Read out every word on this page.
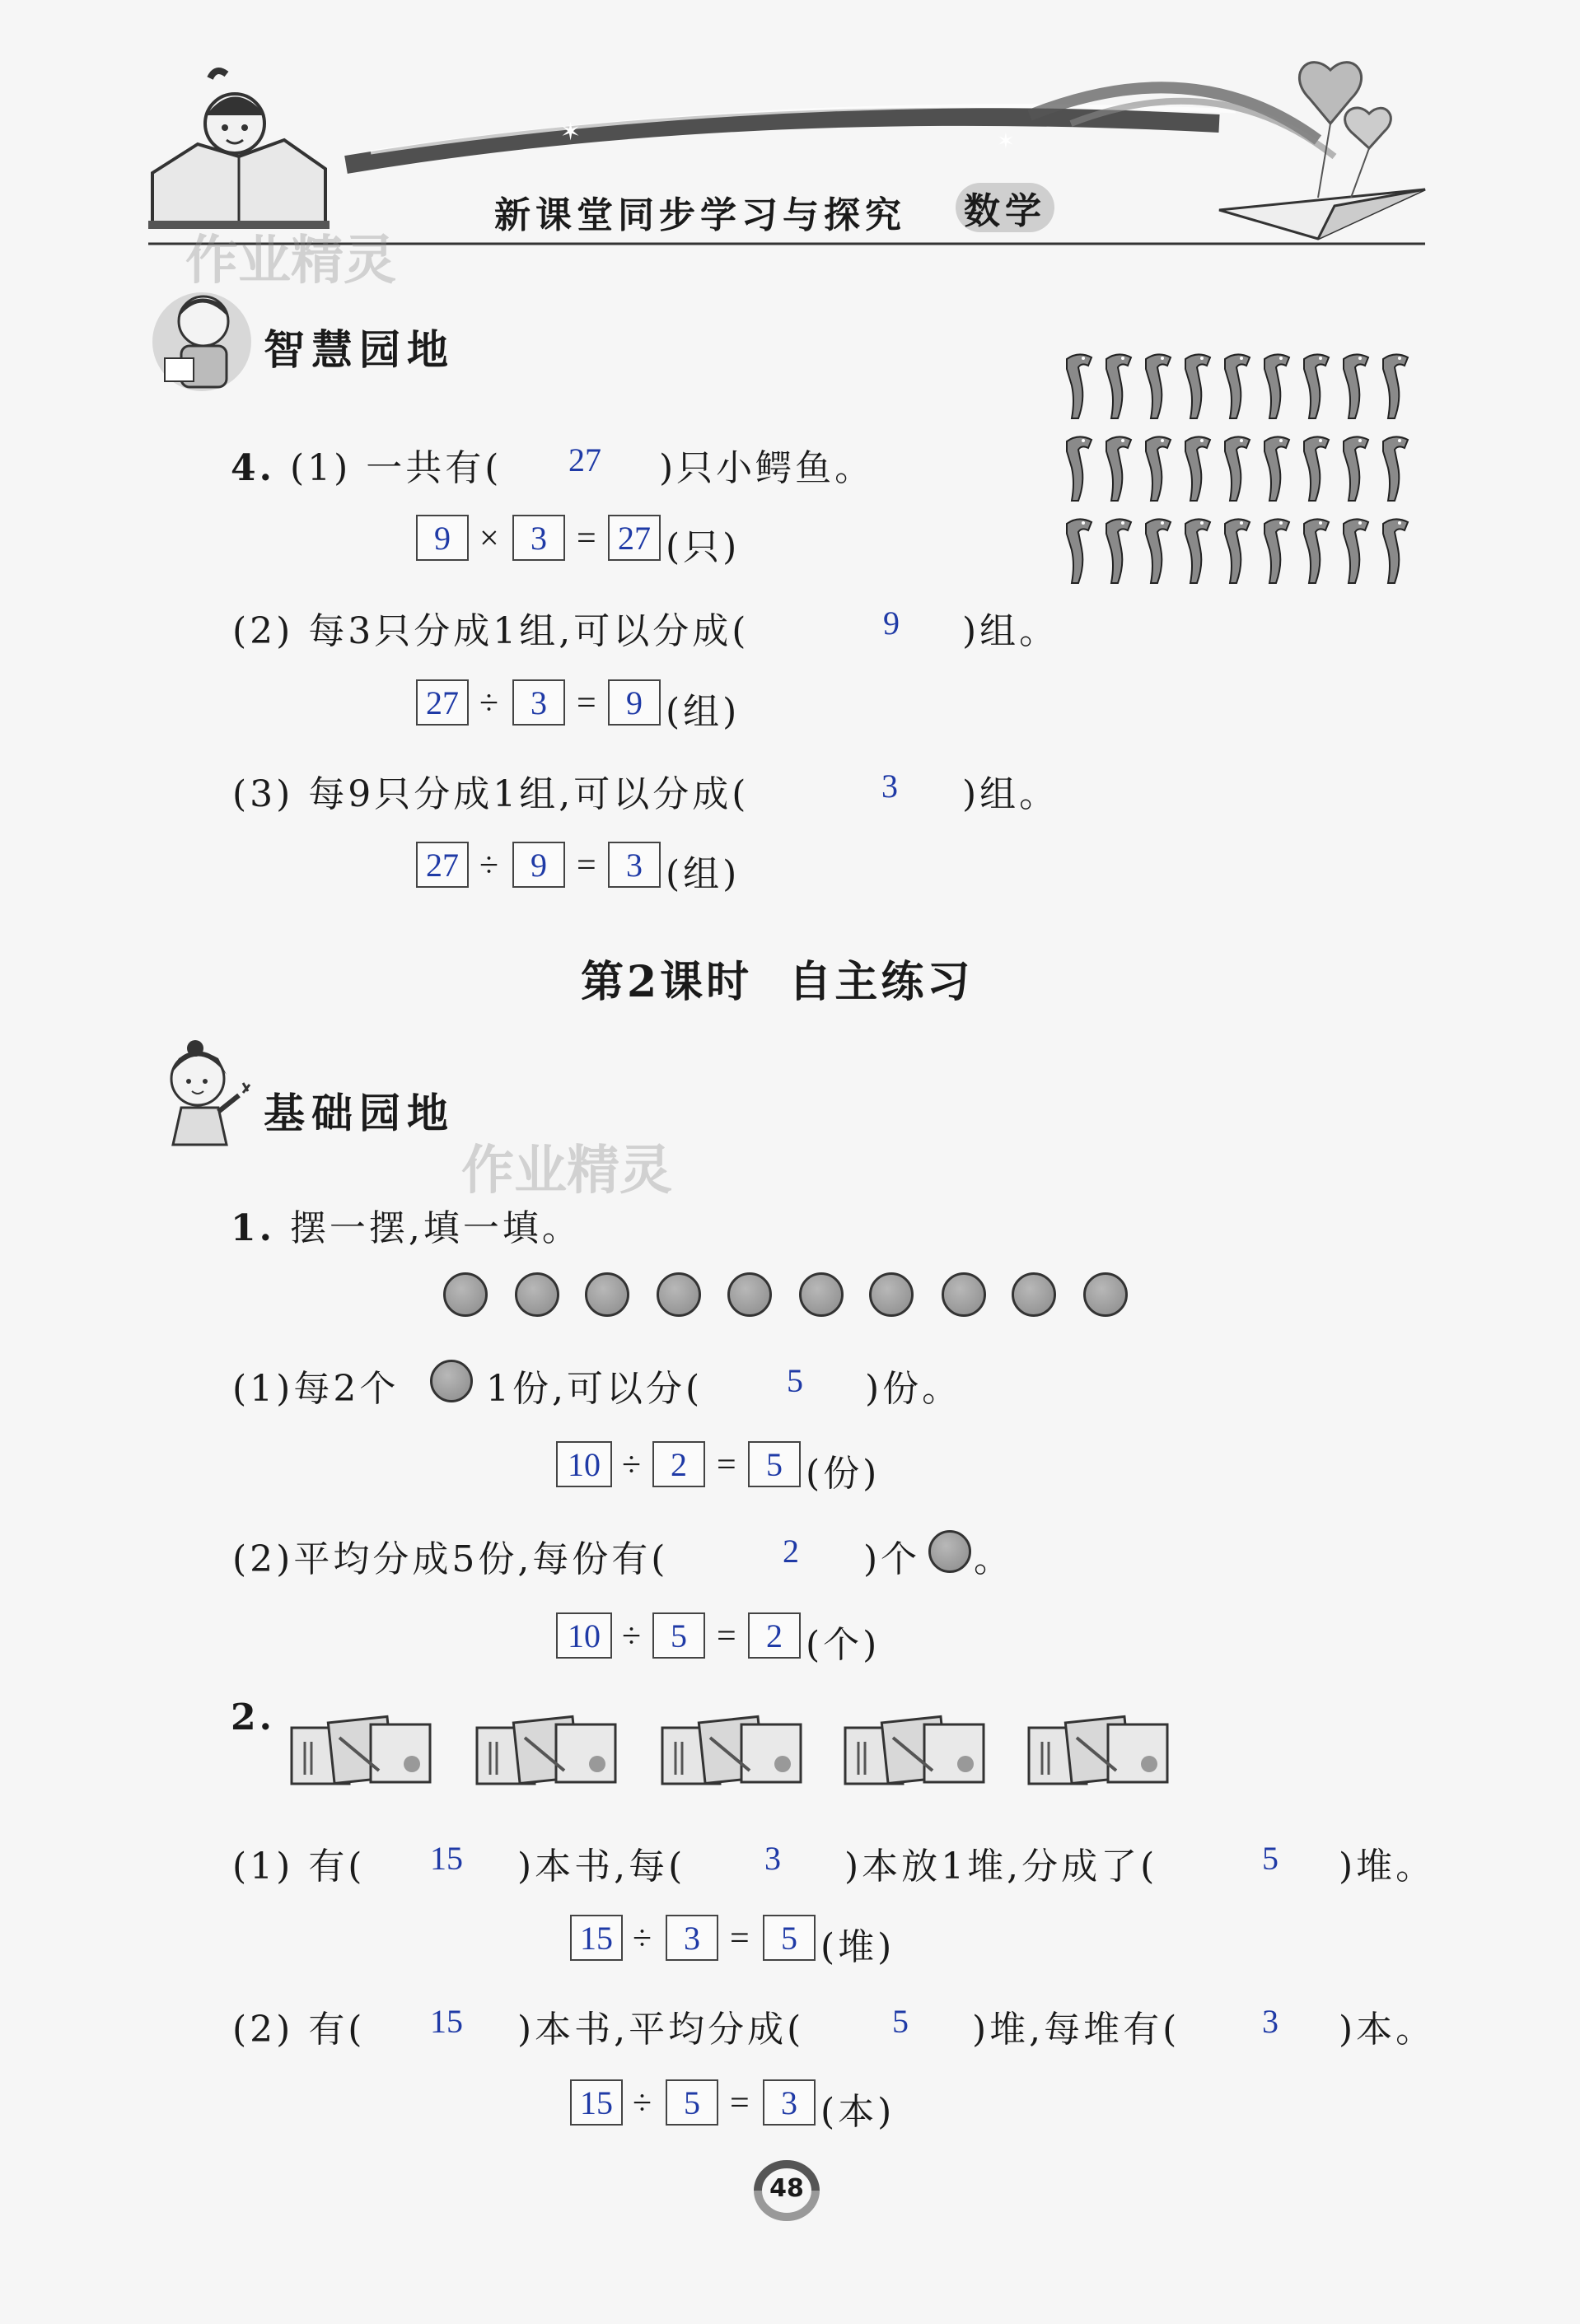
✶	✶
新课堂同步学习与探究 数学
作业精灵
智慧园地
4. (1) 一共有( 27 )只小鳄鱼。
9 × 3 = 27 (只)
(2) 每3只分成1组,可以分成(	9 )组。
27 ÷ 3 = 9 (组)
(3) 每9只分成1组,可以分成(	3 )组。
27 ÷ 9 = 3 (组)
第2课时  自主练习
基础园地
作业精灵
1. 摆一摆,填一填。
(1)每2个 1份,可以分(	5 )份。
10 ÷ 2 = 5 (份)
(2)平均分成5份,每份有(	2 )个 。
10 ÷ 5 = 2 (个)
2.
(1) 有( 15 )本书,每( 3 )本放1堆,分成了(	5 )堆。
15 ÷ 3 = 5 (堆)
(2) 有( 15 )本书,平均分成(	5 )堆,每堆有( 3 )本。
15 ÷ 5 = 3 (本)
48
